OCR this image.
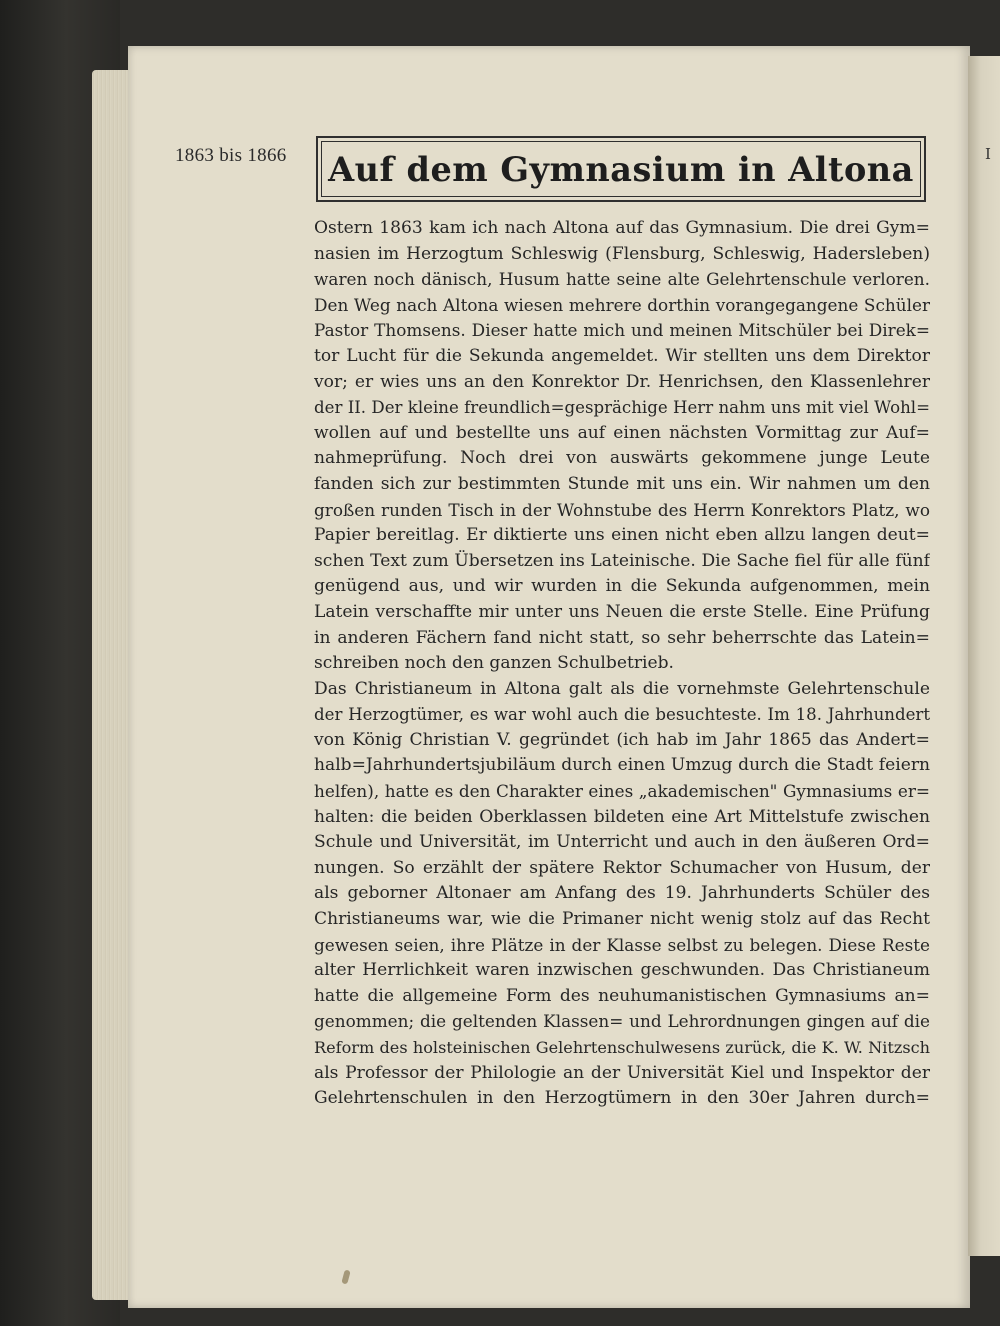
I
1863 bis 1866 Auf dem Gymnasium in Altona
Ostern 1863 kam ich nach Altona auf das Gymnasium. Die drei Gym=
nasien im Herzogtum Schleswig (Flensburg, Schleswig, Hadersleben)
waren noch dänisch, Husum hatte seine alte Gelehrtenschule verloren.
Den Weg nach Altona wiesen mehrere dorthin vorangegangene Schüler
Pastor Thomsens. Dieser hatte mich und meinen Mitschüler bei Direk=
tor Lucht für die Sekunda angemeldet. Wir stellten uns dem Direktor
vor; er wies uns an den Konrektor Dr. Henrichsen, den Klassenlehrer
der II. Der kleine freundlich=gesprächige Herr nahm uns mit viel Wohl=
wollen auf und bestellte uns auf einen nächsten Vormittag zur Auf=
nahmeprüfung. Noch drei von auswärts gekommene junge Leute
fanden sich zur bestimmten Stunde mit uns ein. Wir nahmen um den
großen runden Tisch in der Wohnstube des Herrn Konrektors Platz, wo
Papier bereitlag. Er diktierte uns einen nicht eben allzu langen deut=
schen Text zum Übersetzen ins Lateinische. Die Sache fiel für alle fünf
genügend aus, und wir wurden in die Sekunda aufgenommen, mein
Latein verschaffte mir unter uns Neuen die erste Stelle. Eine Prüfung
in anderen Fächern fand nicht statt, so sehr beherrschte das Latein=
schreiben noch den ganzen Schulbetrieb.
Das Christianeum in Altona galt als die vornehmste Gelehrtenschule
der Herzogtümer, es war wohl auch die besuchteste. Im 18. Jahrhundert
von König Christian V. gegründet (ich hab im Jahr 1865 das Andert=
halb=Jahrhundertsjubiläum durch einen Umzug durch die Stadt feiern
helfen), hatte es den Charakter eines „akademischen" Gymnasiums er=
halten: die beiden Oberklassen bildeten eine Art Mittelstufe zwischen
Schule und Universität, im Unterricht und auch in den äußeren Ord=
nungen. So erzählt der spätere Rektor Schumacher von Husum, der
als geborner Altonaer am Anfang des 19. Jahrhunderts Schüler des
Christianeums war, wie die Primaner nicht wenig stolz auf das Recht
gewesen seien, ihre Plätze in der Klasse selbst zu belegen. Diese Reste
alter Herrlichkeit waren inzwischen geschwunden. Das Christianeum
hatte die allgemeine Form des neuhumanistischen Gymnasiums an=
genommen; die geltenden Klassen= und Lehrordnungen gingen auf die
Reform des holsteinischen Gelehrtenschulwesens zurück, die K. W. Nitzsch
als Professor der Philologie an der Universität Kiel und Inspektor der
Gelehrtenschulen in den Herzogtümern in den 30er Jahren durch=
